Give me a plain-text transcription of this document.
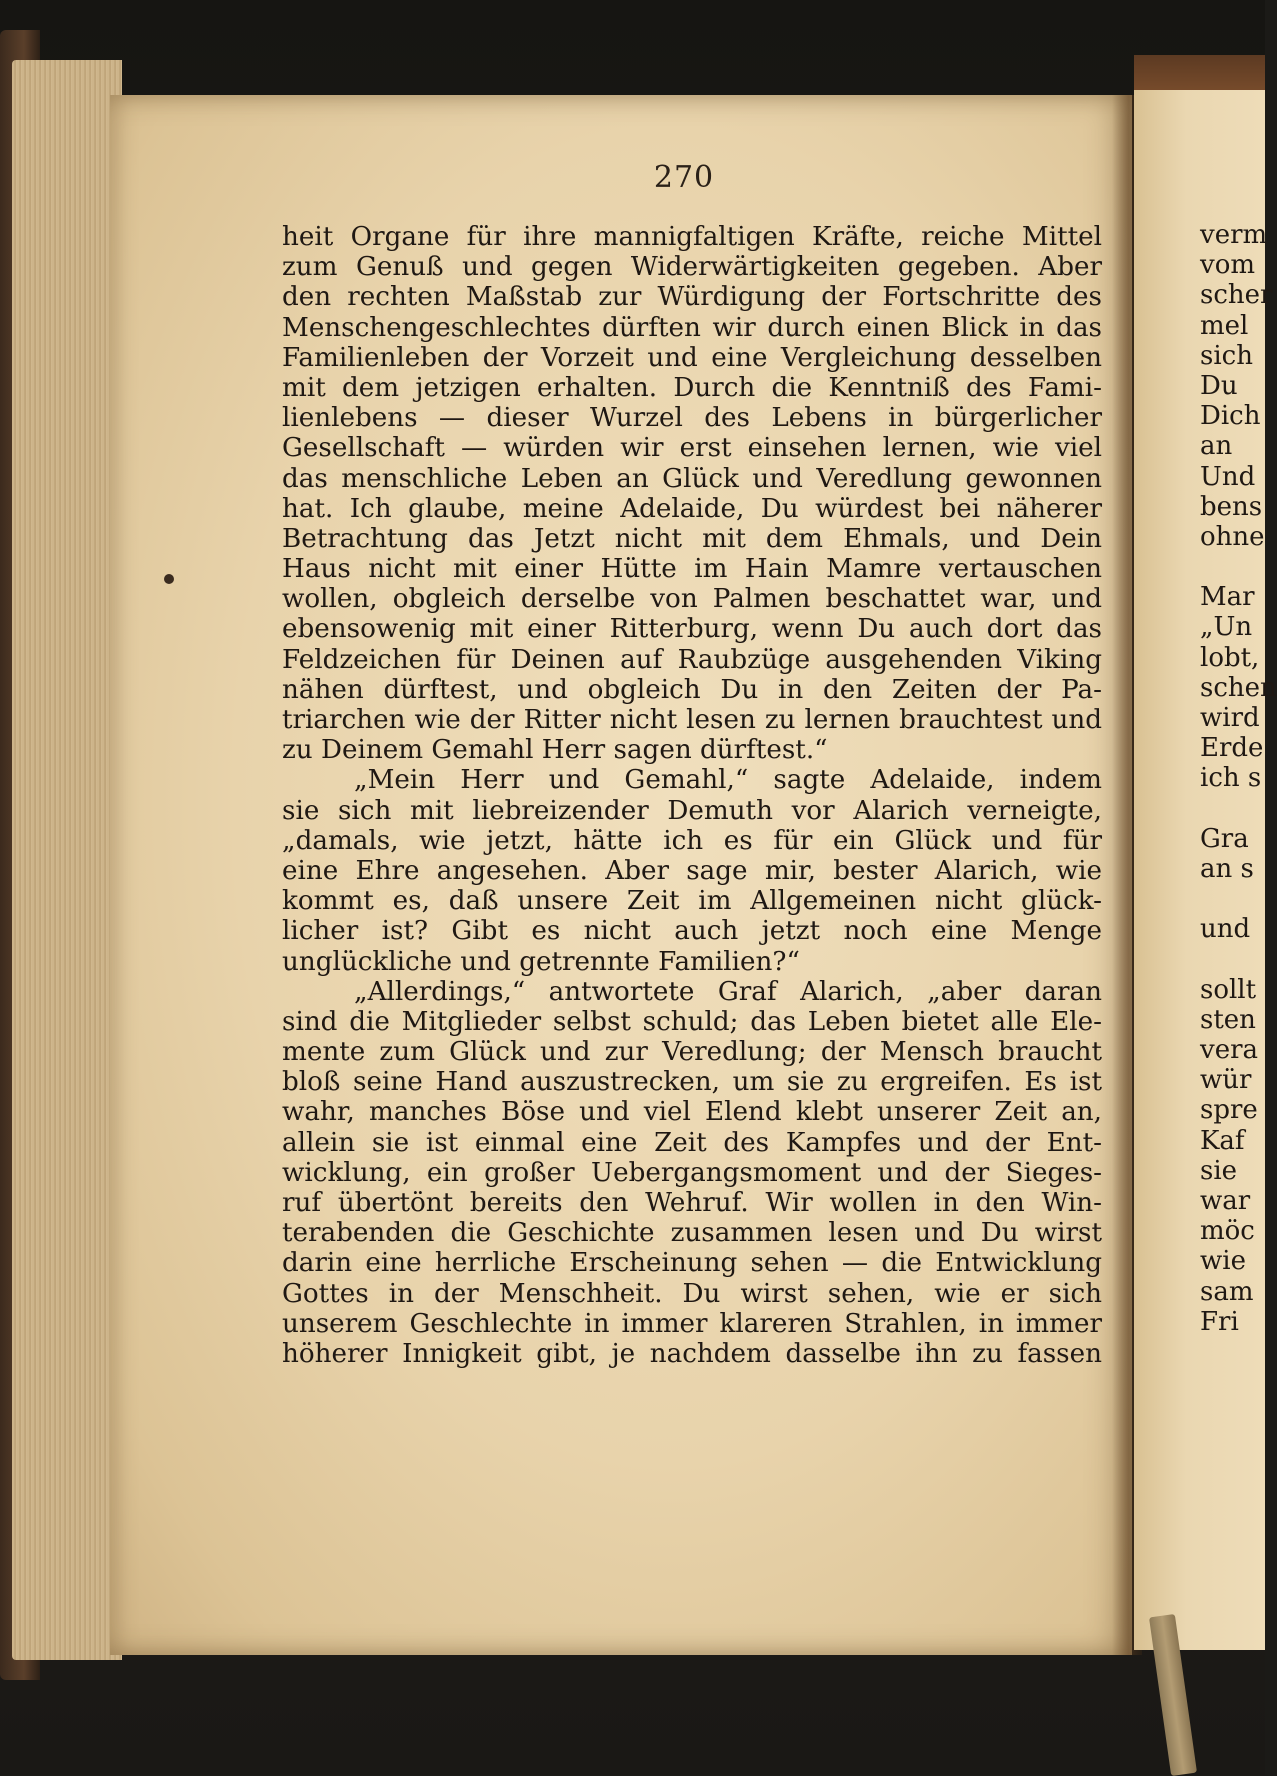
270
heit Organe für ihre mannigfaltigen Kräfte, reiche Mittel
zum Genuß und gegen Widerwärtigkeiten gegeben. Aber
den rechten Maßstab zur Würdigung der Fortschritte des
Menschengeschlechtes dürften wir durch einen Blick in das
Familienleben der Vorzeit und eine Vergleichung desselben
mit dem jetzigen erhalten. Durch die Kenntniß des Fami-
lienlebens — dieser Wurzel des Lebens in bürgerlicher
Gesellschaft — würden wir erst einsehen lernen, wie viel
das menschliche Leben an Glück und Veredlung gewonnen
hat. Ich glaube, meine Adelaide, Du würdest bei näherer
Betrachtung das Jetzt nicht mit dem Ehmals, und Dein
Haus nicht mit einer Hütte im Hain Mamre vertauschen
wollen, obgleich derselbe von Palmen beschattet war, und
ebensowenig mit einer Ritterburg, wenn Du auch dort das
Feldzeichen für Deinen auf Raubzüge ausgehenden Viking
nähen dürftest, und obgleich Du in den Zeiten der Pa-
triarchen wie der Ritter nicht lesen zu lernen brauchtest und
zu Deinem Gemahl Herr sagen dürftest.“
„Mein Herr und Gemahl,“ sagte Adelaide, indem
sie sich mit liebreizender Demuth vor Alarich verneigte,
„damals, wie jetzt, hätte ich es für ein Glück und für
eine Ehre angesehen. Aber sage mir, bester Alarich, wie
kommt es, daß unsere Zeit im Allgemeinen nicht glück-
licher ist? Gibt es nicht auch jetzt noch eine Menge
unglückliche und getrennte Familien?“
„Allerdings,“ antwortete Graf Alarich, „aber daran
sind die Mitglieder selbst schuld; das Leben bietet alle Ele-
mente zum Glück und zur Veredlung; der Mensch braucht
bloß seine Hand auszustrecken, um sie zu ergreifen. Es ist
wahr, manches Böse und viel Elend klebt unserer Zeit an,
allein sie ist einmal eine Zeit des Kampfes und der Ent-
wicklung, ein großer Uebergangsmoment und der Sieges-
ruf übertönt bereits den Wehruf. Wir wollen in den Win-
terabenden die Geschichte zusammen lesen und Du wirst
darin eine herrliche Erscheinung sehen — die Entwicklung
Gottes in der Menschheit. Du wirst sehen, wie er sich
unserem Geschlechte in immer klareren Strahlen, in immer
höherer Innigkeit gibt, je nachdem dasselbe ihn zu fassen
verm
vom
scher
mel
sich
Du
Dich
an
Und
bens
ohne
Mar
„Un
lobt,
schen
wird
Erde
ich s
Gra
an s
und
sollt
sten
vera
wür
spre
Kaf
sie
war
möc
wie
sam
Fri
